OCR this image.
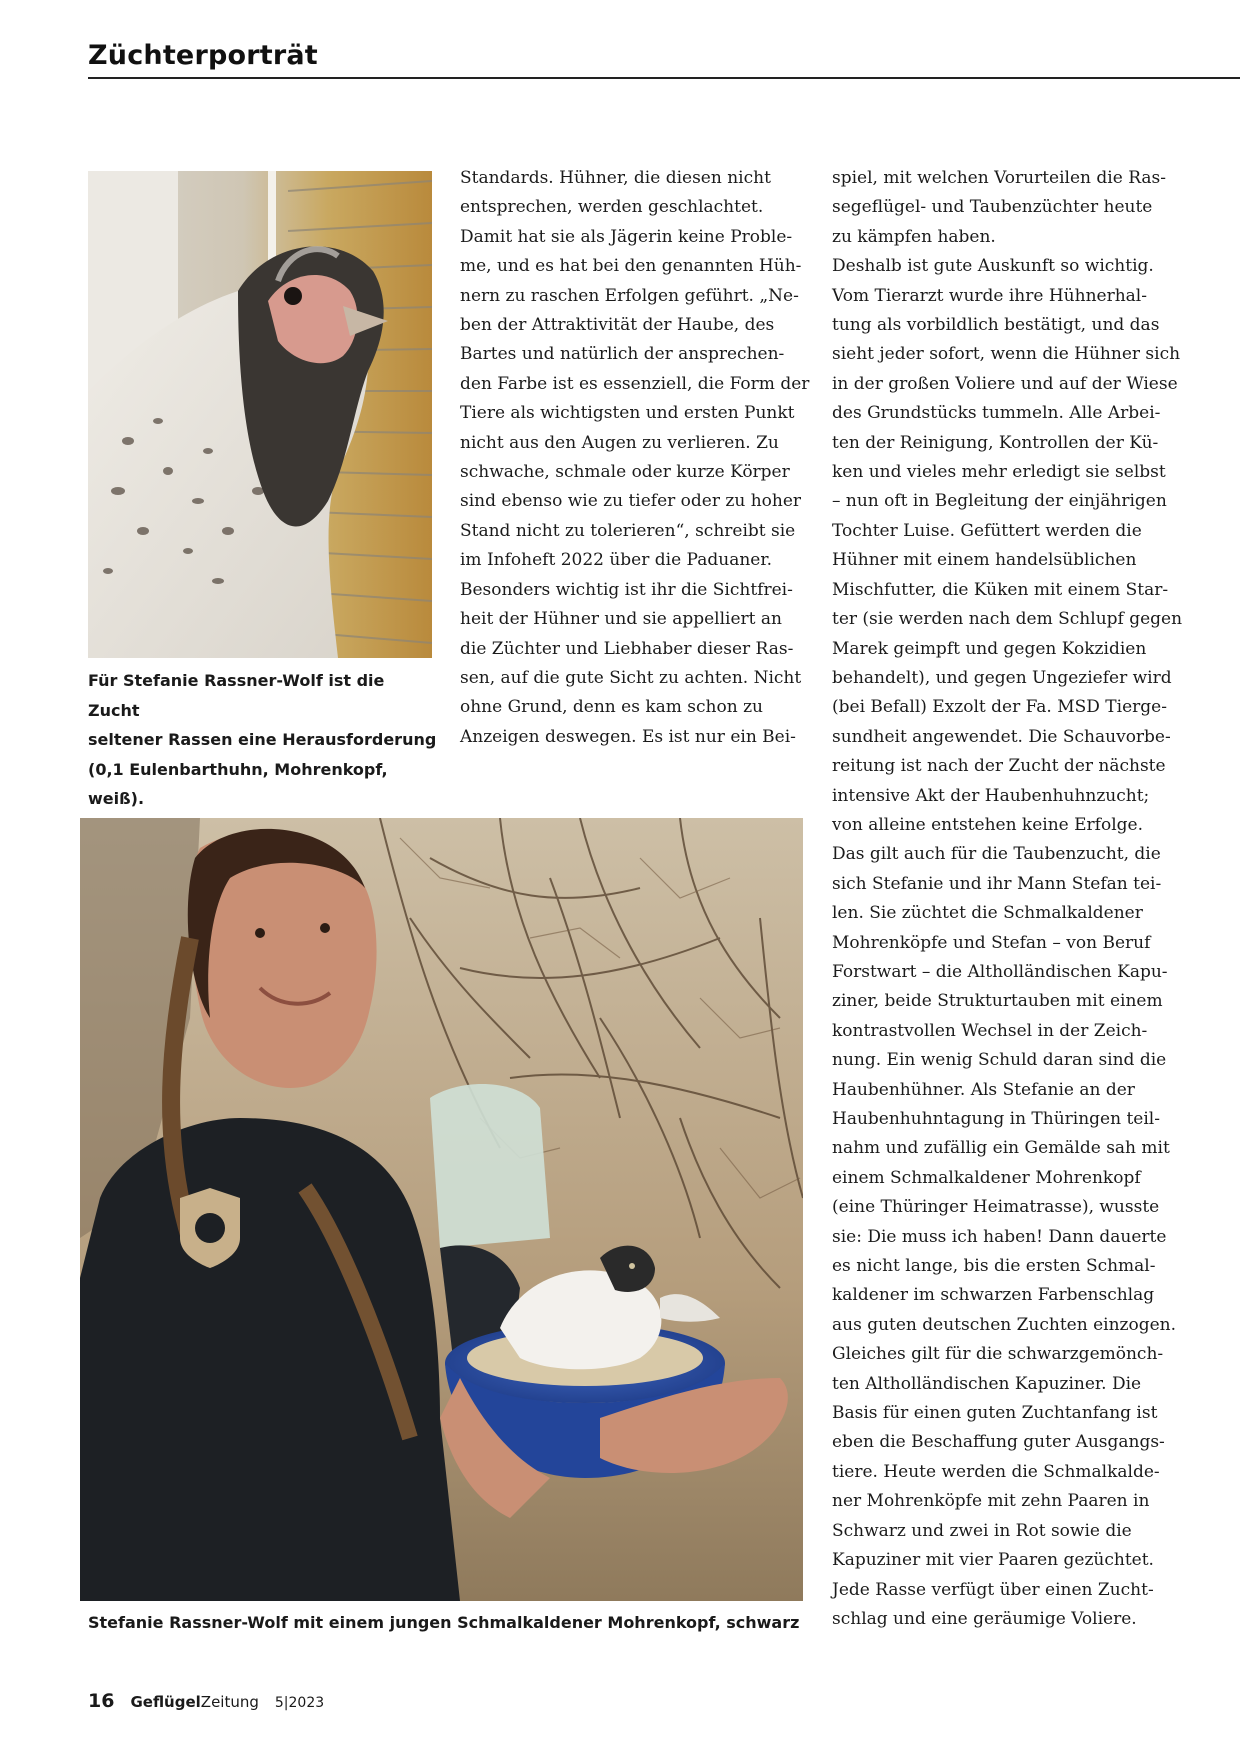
Züchterporträt
Für Stefanie Rassner-Wolf ist die Zucht
seltener Rassen eine Herausforderung
(0,1 Eulenbarthuhn, Mohrenkopf, weiß).
Stefanie Rassner-Wolf mit einem jungen Schmalkaldener Mohrenkopf, schwarz
Standards. Hühner, die diesen nicht
entsprechen, werden geschlachtet.
Damit hat sie als Jägerin keine Proble-
me, und es hat bei den genannten Hüh-
nern zu raschen Erfolgen geführt. „Ne-
ben der Attraktivität der Haube, des
Bartes und natürlich der ansprechen-
den Farbe ist es essenziell, die Form der
Tiere als wichtigsten und ersten Punkt
nicht aus den Augen zu verlieren. Zu
schwache, schmale oder kurze Körper
sind ebenso wie zu tiefer oder zu hoher
Stand nicht zu tolerieren“, schreibt sie
im Infoheft 2022 über die Paduaner.
Besonders wichtig ist ihr die Sichtfrei-
heit der Hühner und sie appelliert an
die Züchter und Liebhaber dieser Ras-
sen, auf die gute Sicht zu achten. Nicht
ohne Grund, denn es kam schon zu
Anzeigen deswegen. Es ist nur ein Bei-
spiel, mit welchen Vorurteilen die Ras-
segeflügel- und Taubenzüchter heute
zu kämpfen haben.
Deshalb ist gute Auskunft so wichtig.
Vom Tierarzt wurde ihre Hühnerhal-
tung als vorbildlich bestätigt, und das
sieht jeder sofort, wenn die Hühner sich
in der großen Voliere und auf der Wiese
des Grundstücks tummeln. Alle Arbei-
ten der Reinigung, Kontrollen der Kü-
ken und vieles mehr erledigt sie selbst
– nun oft in Begleitung der einjährigen
Tochter Luise. Gefüttert werden die
Hühner mit einem handelsüblichen
Mischfutter, die Küken mit einem Star-
ter (sie werden nach dem Schlupf gegen
Marek geimpft und gegen Kokzidien
behandelt), und gegen Ungeziefer wird
(bei Befall) Exzolt der Fa. MSD Tierge-
sundheit angewendet. Die Schauvorbe-
reitung ist nach der Zucht der nächste
intensive Akt der Haubenhuhnzucht;
von alleine entstehen keine Erfolge.
Das gilt auch für die Taubenzucht, die
sich Stefanie und ihr Mann Stefan tei-
len. Sie züchtet die Schmalkaldener
Mohrenköpfe und Stefan – von Beruf
Forstwart – die Altholländischen Kapu-
ziner, beide Strukturtauben mit einem
kontrastvollen Wechsel in der Zeich-
nung. Ein wenig Schuld daran sind die
Haubenhühner. Als Stefanie an der
Haubenhuhntagung in Thüringen teil-
nahm und zufällig ein Gemälde sah mit
einem Schmalkaldener Mohrenkopf
(eine Thüringer Heimatrasse), wusste
sie: Die muss ich haben! Dann dauerte
es nicht lange, bis die ersten Schmal-
kaldener im schwarzen Farbenschlag
aus guten deutschen Zuchten einzogen.
Gleiches gilt für die schwarzgemönch-
ten Altholländischen Kapuziner. Die
Basis für einen guten Zuchtanfang ist
eben die Beschaffung guter Ausgangs-
tiere. Heute werden die Schmalkalde-
ner Mohrenköpfe mit zehn Paaren in
Schwarz und zwei in Rot sowie die
Kapuziner mit vier Paaren gezüchtet.
Jede Rasse verfügt über einen Zucht-
schlag und eine geräumige Voliere.
16 Geflügel Zeitung 5|2023
